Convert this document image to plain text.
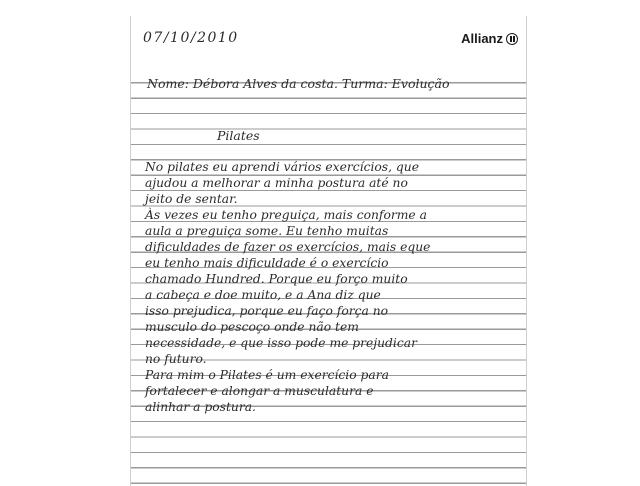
07/10/2010	Allianz
Nome: Débora Alves da costa. Turma: Evolução
Pilates
No pilates eu aprendi vários exercícios, que
ajudou a melhorar a minha postura até no
jeito de sentar.
Às vezes eu tenho preguiça, mais conforme a
aula a preguiça some. Eu tenho muitas
dificuldades de fazer os exercícios, mais eque
eu tenho mais dificuldade é o exercício
chamado Hundred. Porque eu forço muito
a cabeça e doe muito, e a Ana diz que
isso prejudica, porque eu faço força no
musculo do pescoço onde não tem
necessidade, e que isso pode me prejudicar
no futuro.
Para mim o Pilates é um exercício para
fortalecer e alongar a musculatura e
alinhar a postura.
